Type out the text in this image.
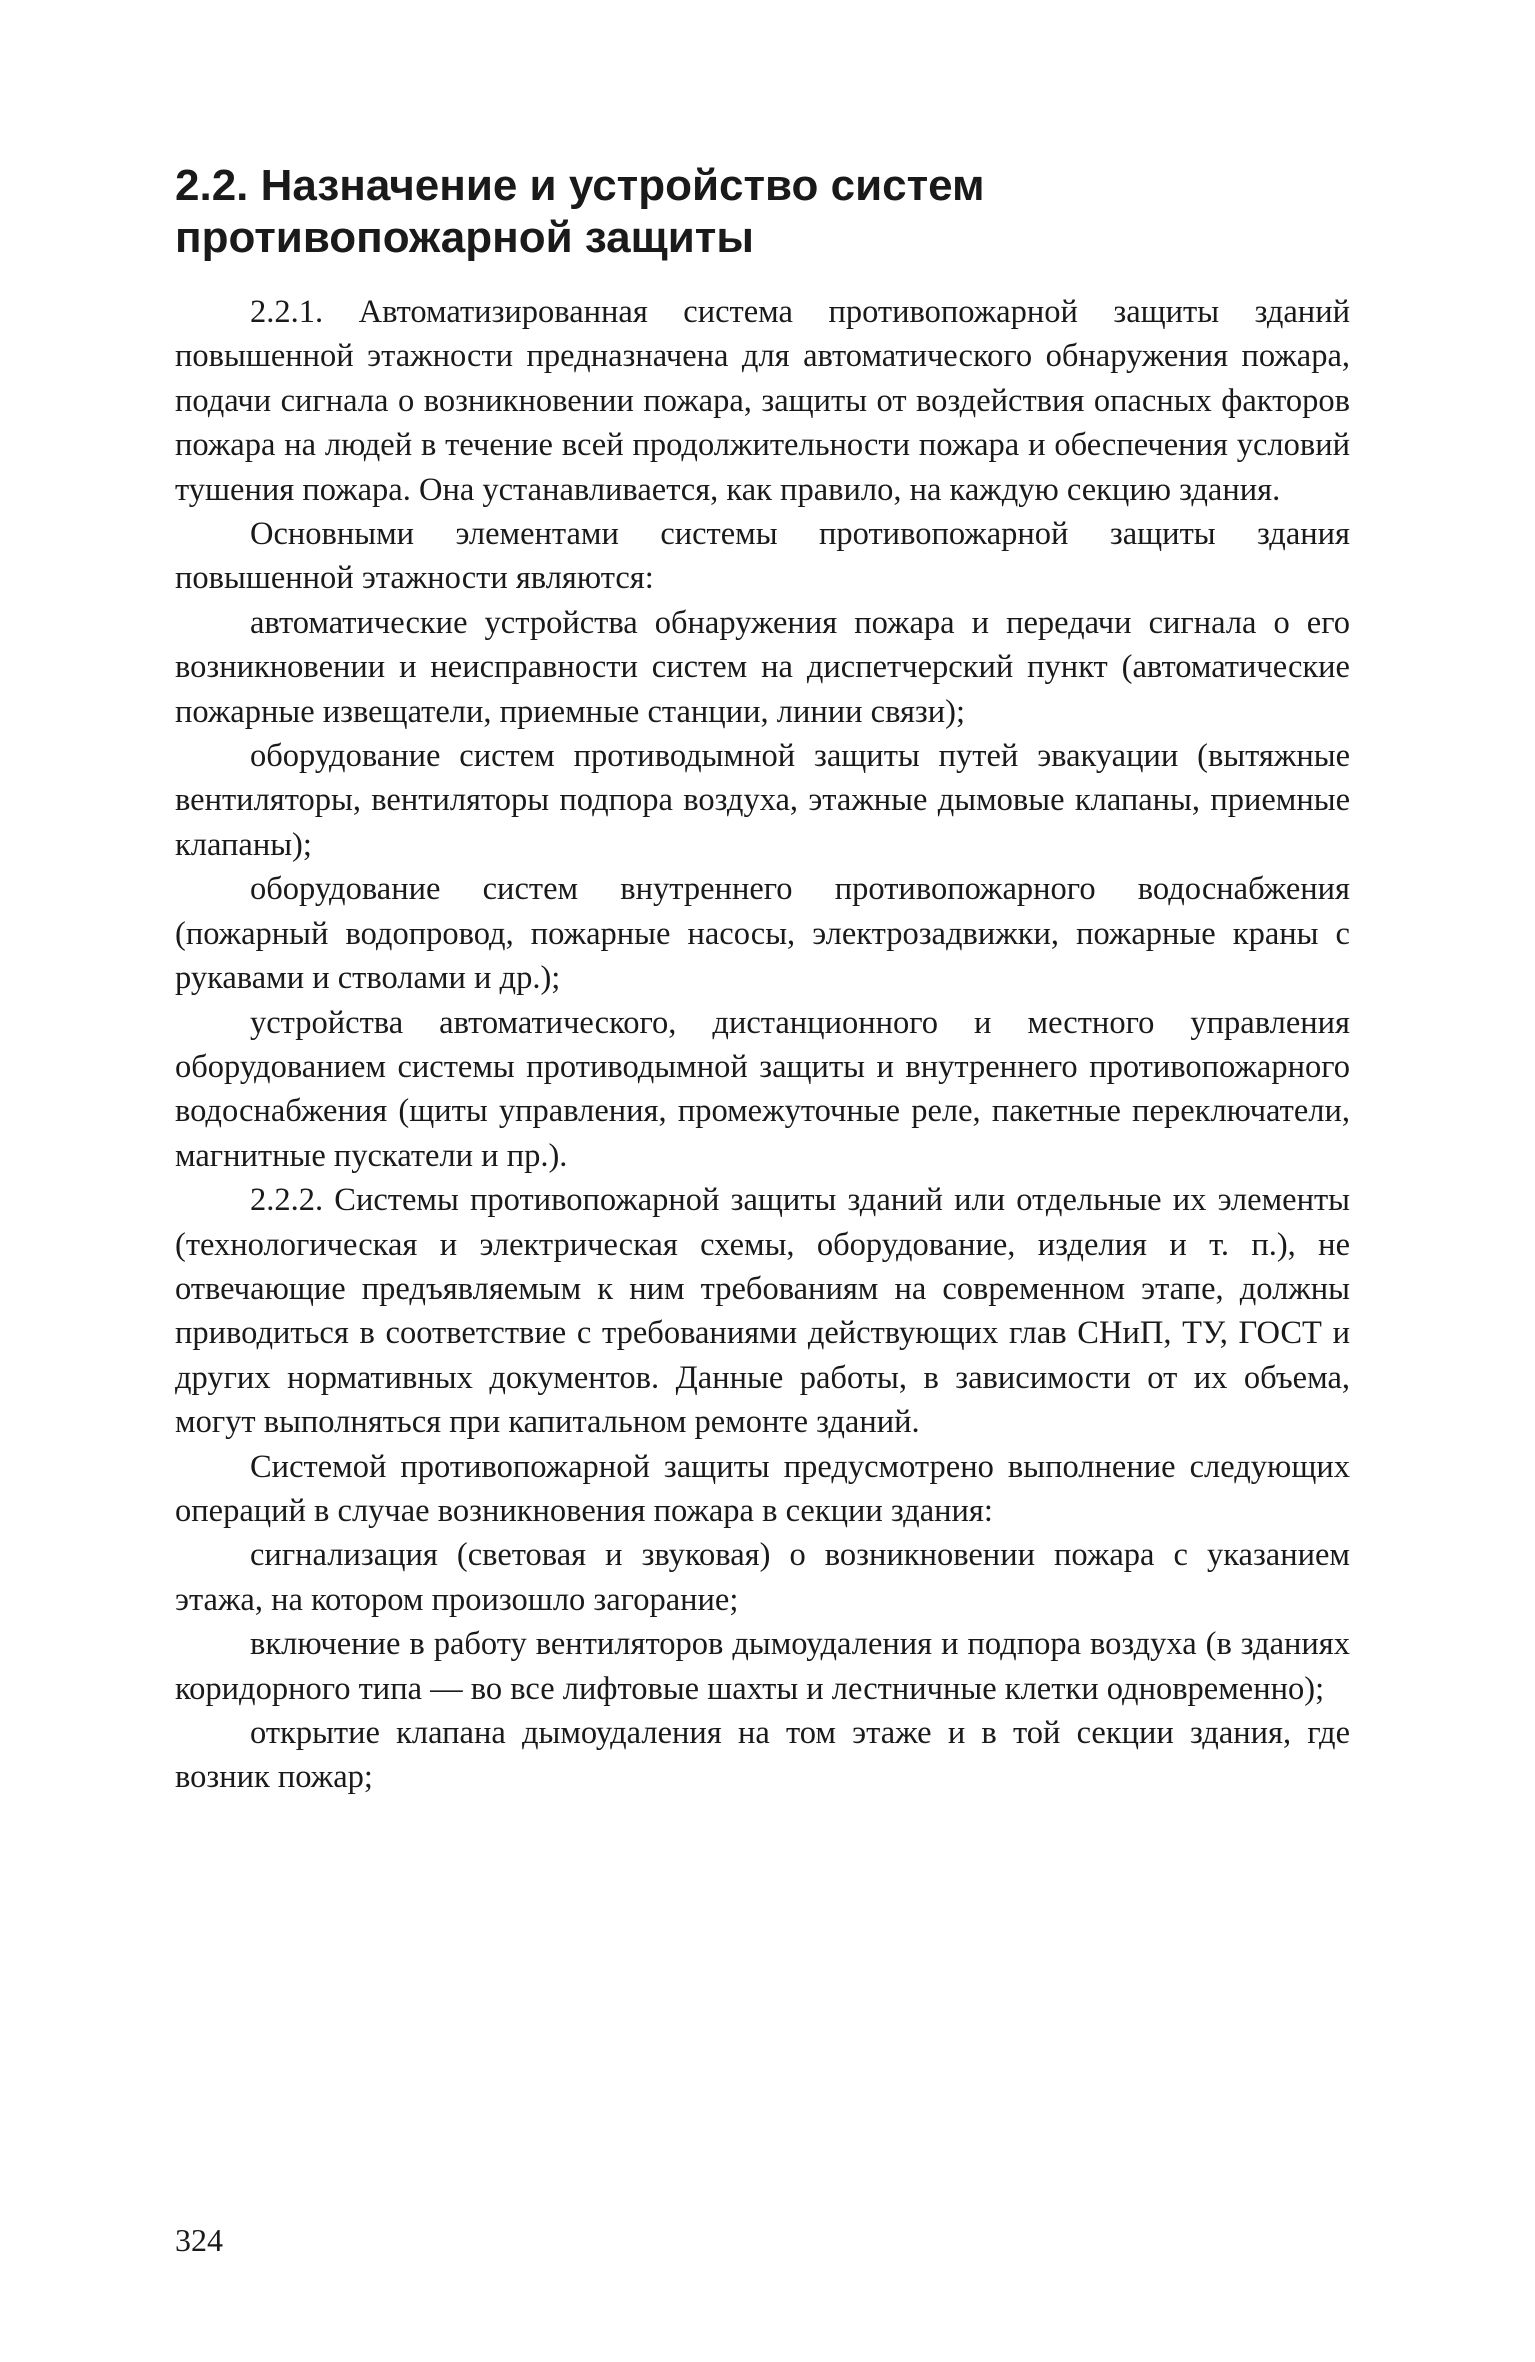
2.2. Назначение и устройство систем
противопожарной защиты

2.2.1. Автоматизированная система противопожарной защиты зданий повышенной этажности предназначена для автоматического обнаружения пожара, подачи сигнала о возникновении пожара, защиты от воздействия опасных факторов пожара на людей в течение всей продолжительности пожара и обеспечения условий тушения пожара. Она устанавливается, как правило, на каждую секцию здания.

Основными элементами системы противопожарной защиты здания повышенной этажности являются:

автоматические устройства обнаружения пожара и передачи сигнала о его возникновении и неисправности систем на диспетчерский пункт (автоматические пожарные извещатели, приемные станции, линии связи);

оборудование систем противодымной защиты путей эвакуации (вытяжные вентиляторы, вентиляторы подпора воздуха, этажные дымовые клапаны, приемные клапаны);

оборудование систем внутреннего противопожарного водоснабжения (пожарный водопровод, пожарные насосы, электрозадвижки, пожарные краны с рукавами и стволами и др.);

устройства автоматического, дистанционного и местного управления оборудованием системы противодымной защиты и внутреннего противопожарного водоснабжения (щиты управления, промежуточные реле, пакетные переключатели, магнитные пускатели и пр.).

2.2.2. Системы противопожарной защиты зданий или отдельные их элементы (технологическая и электрическая схемы, оборудование, изделия и т. п.), не отвечающие предъявляемым к ним требованиям на современном этапе, должны приводиться в соответствие с требованиями действующих глав СНиП, ТУ, ГОСТ и других нормативных документов. Данные работы, в зависимости от их объема, могут выполняться при капитальном ремонте зданий.

Системой противопожарной защиты предусмотрено выполнение следующих операций в случае возникновения пожара в секции здания:

сигнализация (световая и звуковая) о возникновении пожара с указанием этажа, на котором произошло загорание;

включение в работу вентиляторов дымоудаления и подпора воздуха (в зданиях коридорного типа — во все лифтовые шахты и лестничные клетки одновременно);

открытие клапана дымоудаления на том этаже и в той секции здания, где возник пожар;

324
